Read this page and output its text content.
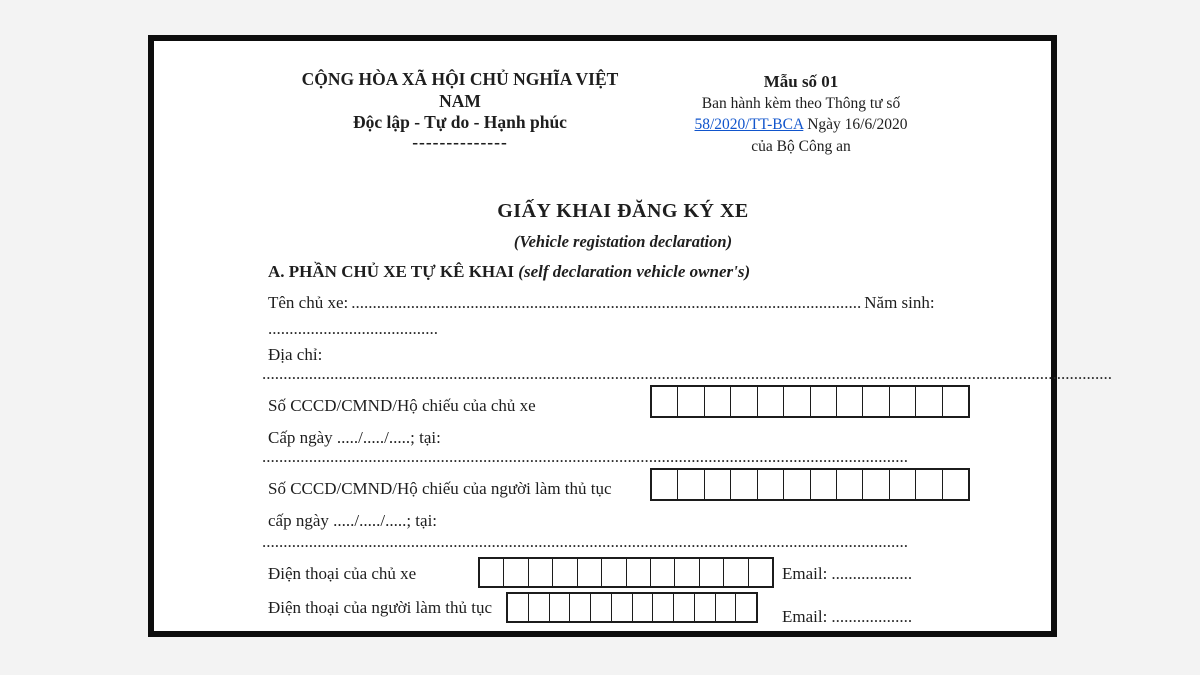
CỘNG HÒA XÃ HỘI CHỦ NGHĨA VIỆT
NAM
Độc lập - Tự do - Hạnh phúc
--------------
Mẫu số 01
Ban hành kèm theo Thông tư số
58/2020/TT-BCA Ngày 16/6/2020
của Bộ Công an
GIẤY KHAI ĐĂNG KÝ XE
(Vehicle registation declaration)
A. PHẦN CHỦ XE TỰ KÊ KHAI (self declaration vehicle owner's)
Tên chủ xe: ........................................................................................................................ Năm sinh:
........................................
Địa chỉ:
........................................................................................................................................................................................................
Số CCCD/CMND/Hộ chiếu của chủ xe
Cấp ngày ...../...../.....; tại:
........................................................................................................................................................
Số CCCD/CMND/Hộ chiếu của người làm thủ tục
cấp ngày ...../...../.....; tại:
........................................................................................................................................................
Điện thoại của chủ xe	Email: ...................
Điện thoại của người làm thủ tục	Email: ...................
